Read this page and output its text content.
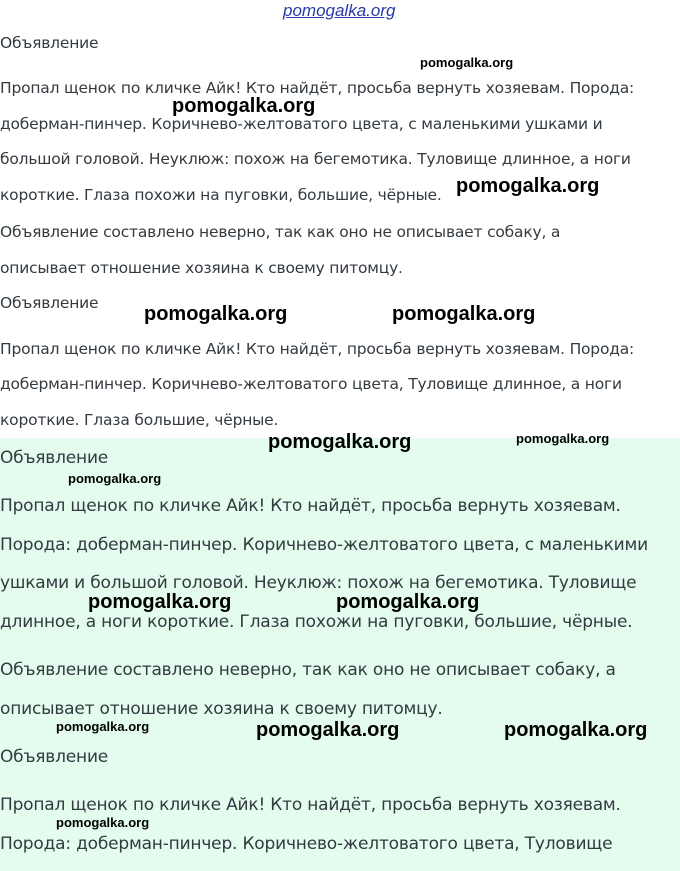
Объявление
Пропал щенок по кличке Айк! Кто найдёт, просьба вернуть хозяевам. Порода:
доберман-пинчер. Коричнево-желтоватого цвета, с маленькими ушками и
большой головой. Неуклюж: похож на бегемотика. Туловище длинное, а ноги
короткие. Глаза похожи на пуговки, большие, чёрные.
Объявление составлено неверно, так как оно не описывает собаку, а
описывает отношение хозяина к своему питомцу.
Объявление
Пропал щенок по кличке Айк! Кто найдёт, просьба вернуть хозяевам. Порода:
доберман-пинчер. Коричнево-желтоватого цвета, Туловище длинное, а ноги
короткие. Глаза большие, чёрные.
Объявление
Пропал щенок по кличке Айк! Кто найдёт, просьба вернуть хозяевам.
Порода: доберман-пинчер. Коричнево-желтоватого цвета, с маленькими
ушками и большой головой. Неуклюж: похож на бегемотика. Туловище
длинное, а ноги короткие. Глаза похожи на пуговки, большие, чёрные.
Объявление составлено неверно, так как оно не описывает собаку, а
описывает отношение хозяина к своему питомцу.
Объявление
Пропал щенок по кличке Айк! Кто найдёт, просьба вернуть хозяевам.
Порода: доберман-пинчер. Коричнево-желтоватого цвета, Туловище
pomogalka.org
pomogalka.org
pomogalka.org
pomogalka.org
pomogalka.org	pomogalka.org
pomogalka.org	pomogalka.org
pomogalka.org
pomogalka.org	pomogalka.org
pomogalka.org	pomogalka.org	pomogalka.org
pomogalka.org
